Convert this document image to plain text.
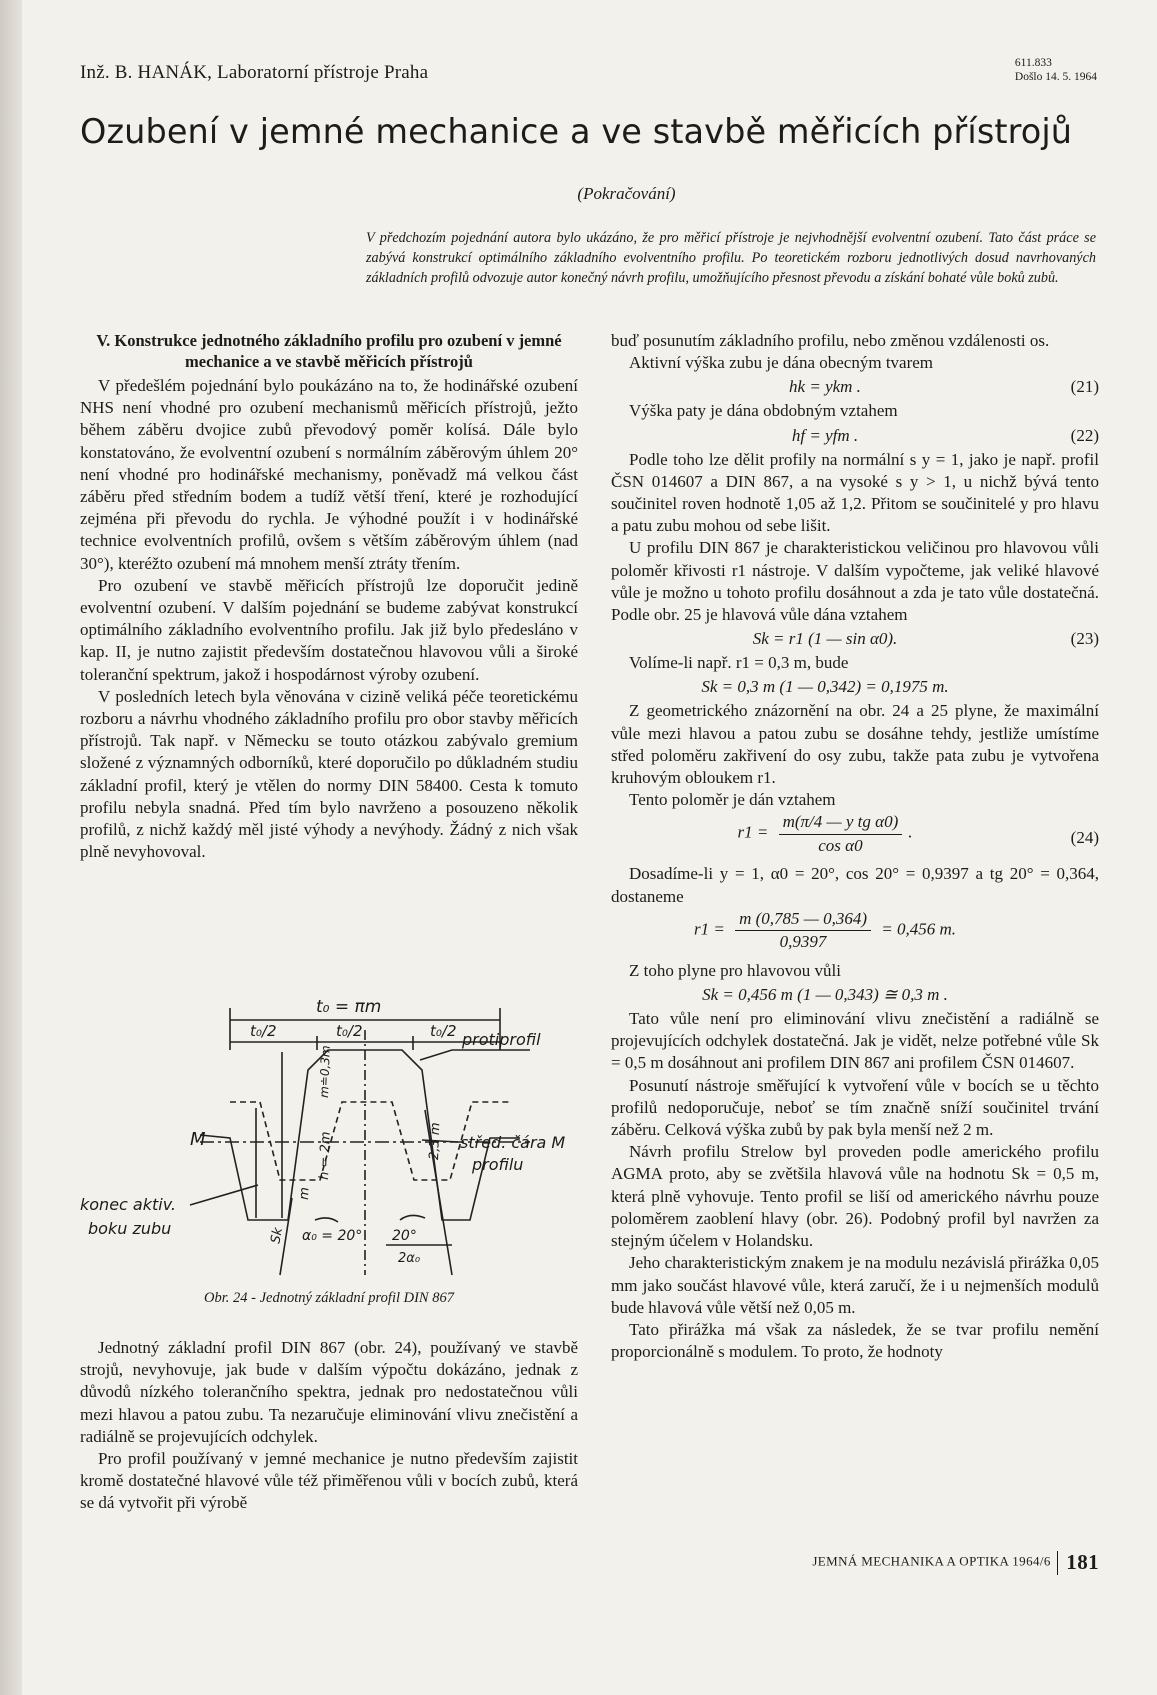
Inž. B. HANÁK, Laboratorní přístroje Praha	611.833
Došlo 14. 5. 1964
Ozubení v jemné mechanice a ve stavbě měřicích přístrojů
(Pokračování)

V předchozím pojednání autora bylo ukázáno, že pro měřicí přístroje je nejvhodnější evolventní ozubení. Tato část práce se zabývá konstrukcí optimálního základního evolventního profilu. Po teoretickém rozboru jednotlivých dosud navrhovaných základních profilů odvozuje autor konečný návrh profilu, umožňujícího přesnost převodu a získání bohaté vůle boků zubů.

V. Konstrukce jednotného základního profilu pro ozubení v jemné mechanice a ve stavbě měřicích přístrojů

V předešlém pojednání bylo poukázáno na to, že hodinářské ozubení NHS není vhodné pro ozubení mechanismů měřicích přístrojů, ježto během záběru dvojice zubů převodový poměr kolísá. Dále bylo konstatováno, že evolventní ozubení s normálním záběrovým úhlem 20° není vhodné pro hodinářské mechanismy, poněvadž má velkou část záběru před středním bodem a tudíž větší tření, které je rozhodující zejména při převodu do rychla. Je výhodné použít i v hodinářské technice evolventních profilů, ovšem s větším záběrovým úhlem (nad 30°), kteréžto ozubení má mnohem menší ztráty třením.

Pro ozubení ve stavbě měřicích přístrojů lze doporučit jedině evolventní ozubení. V dalším pojednání se budeme zabývat konstrukcí optimálního základního evolventního profilu. Jak již bylo předesláno v kap. II, je nutno zajistit především dostatečnou hlavovou vůli a široké toleranční spektrum, jakož i hospodárnost výroby ozubení.

V posledních letech byla věnována v cizině veliká péče teoretickému rozboru a návrhu vhodného základního profilu pro obor stavby měřicích přístrojů. Tak např. v Německu se touto otázkou zabývalo gremium složené z významných odborníků, které doporučilo po důkladném studiu základní profil, který je vtělen do normy DIN 58400. Cesta k tomuto profilu nebyla snadná. Před tím bylo navrženo a posouzeno několik profilů, z nichž každý měl jisté výhody a nevýhody. Žádný z nich však plně nevyhovoval.

t₀ = πm
t₀/2	t₀/2	t₀/2 protiprofil
střed. čára M
profilu
M
konec aktiv.
boku zubu	α₀ = 20° 20°
2α₀
Sk
m≐0,3m
h = 2m
m
2,3 m
Obr. 24 - Jednotný základní profil DIN 867

Jednotný základní profil DIN 867 (obr. 24), používaný ve stavbě strojů, nevyhovuje, jak bude v dalším výpočtu dokázáno, jednak z důvodů nízkého tolerančního spektra, jednak pro nedostatečnou vůli mezi hlavou a patou zubu. Ta nezaručuje eliminování vlivu znečistění a radiálně se projevujících odchylek.

Pro profil používaný v jemné mechanice je nutno především zajistit kromě dostatečné hlavové vůle též přiměřenou vůli v bocích zubů, která se dá vytvořit při výrobě

buď posunutím základního profilu, nebo změnou vzdálenosti os.

Aktivní výška zubu je dána obecným tvarem

hk = ykm .	(21)

Výška paty je dána obdobným vztahem

hf = yfm .	(22)

Podle toho lze dělit profily na normální s y = 1, jako je např. profil ČSN 014607 a DIN 867, a na vysoké s y > 1, u nichž bývá tento součinitel roven hodnotě 1,05 až 1,2. Přitom se součinitelé y pro hlavu a patu zubu mohou od sebe lišit.

U profilu DIN 867 je charakteristickou veličinou pro hlavovou vůli poloměr křivosti r1 nástroje. V dalším vypočteme, jak veliké hlavové vůle je možno u tohoto profilu dosáhnout a zda je tato vůle dostatečná. Podle obr. 25 je hlavová vůle dána vztahem

Sk = r1 (1 — sin α0).	(23)

Volíme-li např. r1 = 0,3 m, bude

Sk = 0,3 m (1 — 0,342) = 0,1975 m.

Z geometrického znázornění na obr. 24 a 25 plyne, že maximální vůle mezi hlavou a patou zubu se dosáhne tehdy, jestliže umístíme střed poloměru zakřivení do osy zubu, takže pata zubu je vytvořena kruhovým obloukem r1.

Tento poloměr je dán vztahem

$r1 = \frac{\text{m(π/4 — y tg α0)}}{\text{cos α0}}$ .	(24)

Dosadíme-li y = 1, α0 = 20°, cos 20° = 0,9397 a tg 20° = 0,364, dostaneme

$r1 = \frac{m (0,785 — 0,364)}{0,9397} = 0,456$ m.

Z toho plyne pro hlavovou vůli

Sk = 0,456 m (1 — 0,343) ≅ 0,3 m .

Tato vůle není pro eliminování vlivu znečistění a radiálně se projevujících odchylek dostatečná. Jak je vidět, nelze potřebné vůle Sk = 0,5 m dosáhnout ani profilem DIN 867 ani profilem ČSN 014607.

Posunutí nástroje směřující k vytvoření vůle v bocích se u těchto profilů nedoporučuje, neboť se tím značně sníží součinitel trvání záběru. Celková výška zubů by pak byla menší než 2 m.

Návrh profilu Strelow byl proveden podle amerického profilu AGMA proto, aby se zvětšila hlavová vůle na hodnotu Sk = 0,5 m, která plně vyhovuje. Tento profil se liší od amerického návrhu pouze poloměrem zaoblení hlavy (obr. 26). Podobný profil byl navržen za stejným účelem v Holandsku.

Jeho charakteristickým znakem je na modulu nezávislá přirážka 0,05 mm jako součást hlavové vůle, která zaručí, že i u nejmenších modulů bude hlavová vůle větší než 0,05 m.

Tato přirážka má však za následek, že se tvar profilu nemění proporcionálně s modulem. To proto, že hodnoty

JEMNÁ MECHANIKA A OPTIKA 1964/6 181
